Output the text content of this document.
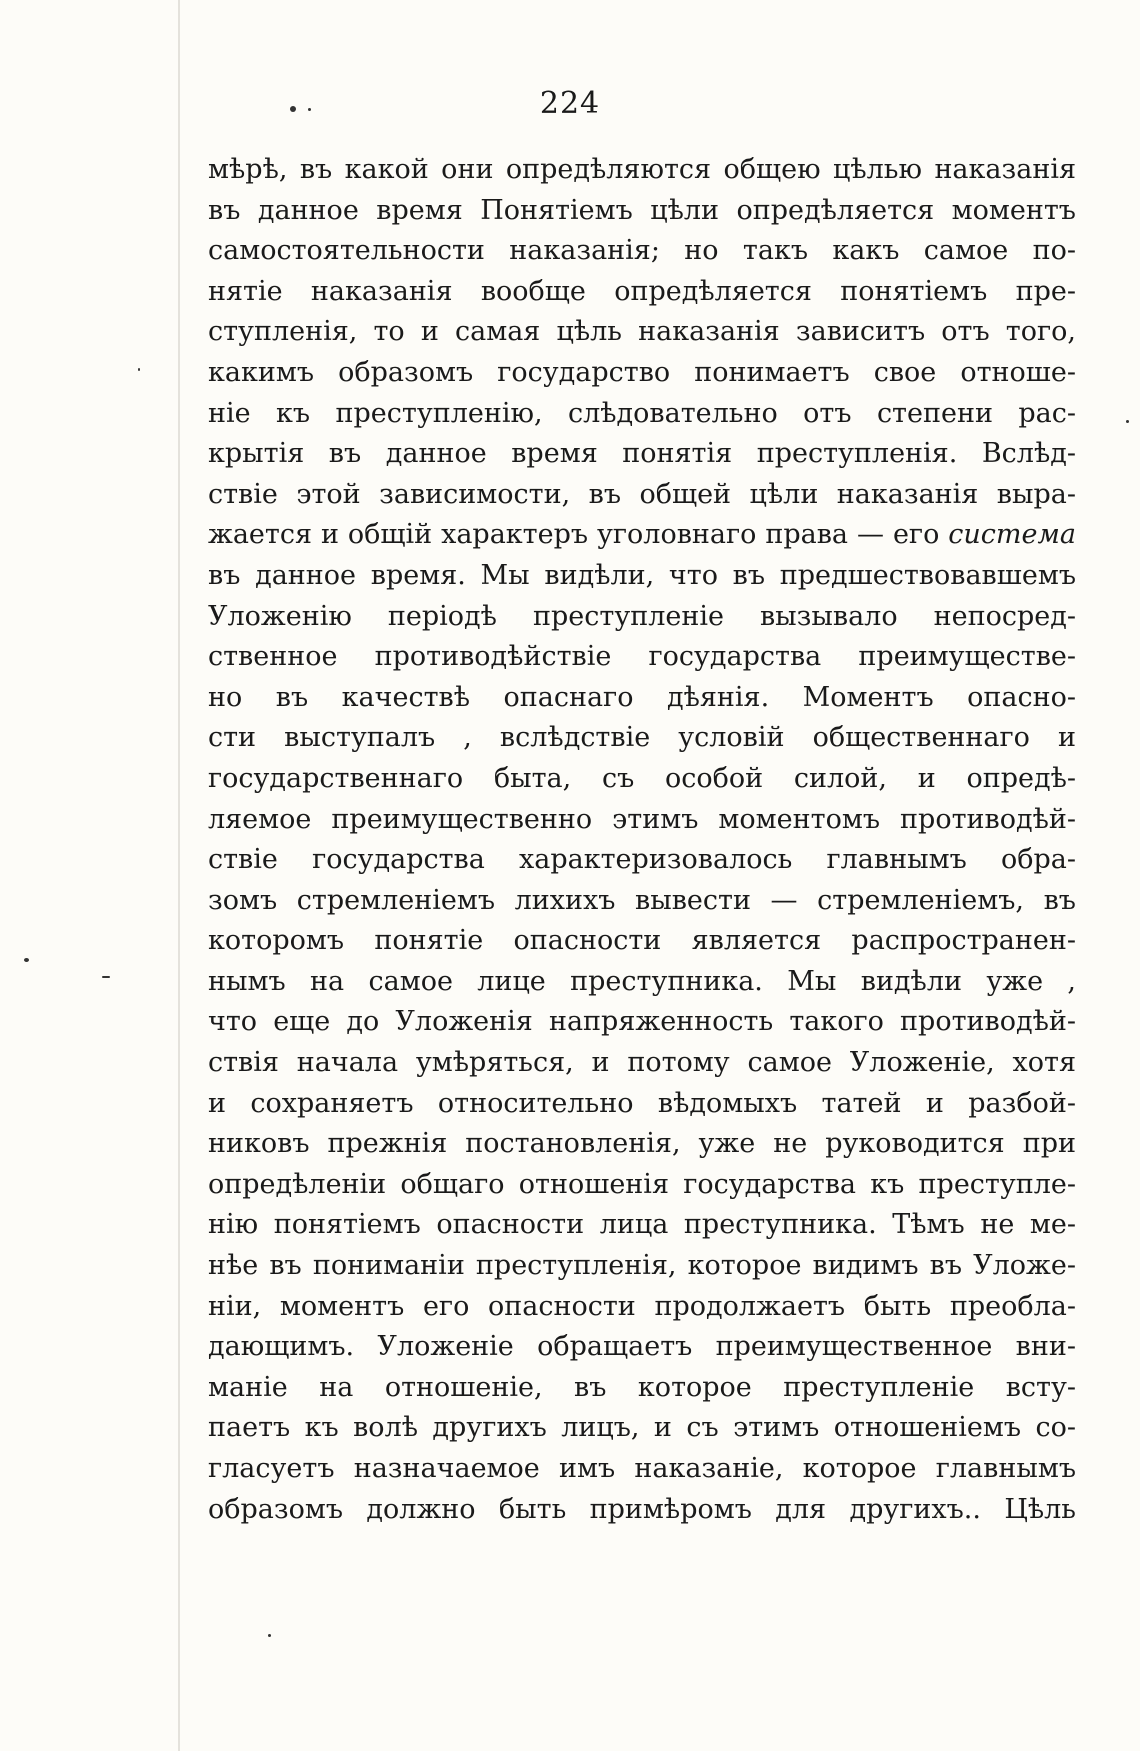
224
мѣрѣ, въ какой они опредѣляются общею цѣлью наказанія
въ данное время Понятіемъ цѣли опредѣляется моментъ
самостоятельности наказанія; но такъ какъ самое по-
нятіе наказанія вообще опредѣляется понятіемъ пре-
ступленія, то и самая цѣль наказанія зависитъ отъ того,
какимъ образомъ государство понимаетъ свое отноше-
ніе къ преступленію, слѣдовательно отъ степени рас-
крытія въ данное время понятія преступленія. Вслѣд-
ствіе этой зависимости, въ общей цѣли наказанія выра-
жается и общій характеръ уголовнаго права — его система
въ данное время. Мы видѣли, что въ предшествовавшемъ
Уложенію періодѣ преступленіе вызывало непосред-
ственное противодѣйствіе государства преимуществе-
но въ качествѣ опаснаго дѣянія. Моментъ опасно-
сти выступалъ , вслѣдствіе условій общественнаго и
государственнаго быта, съ особой силой, и опредѣ-
ляемое преимущественно этимъ моментомъ противодѣй-
ствіе государства характеризовалось главнымъ обра-
зомъ стремленіемъ лихихъ вывести — стремленіемъ, въ
которомъ понятіе опасности является распространен-
нымъ на самое лице преступника. Мы видѣли уже ,
что еще до Уложенія напряженность такого противодѣй-
ствія начала умѣряться, и потому самое Уложеніе, хотя
и сохраняетъ относительно вѣдомыхъ татей и разбой-
никовъ прежнія постановленія, уже не руководится при
опредѣленіи общаго отношенія государства къ преступле-
нію понятіемъ опасности лица преступника. Тѣмъ не ме-
нѣе въ пониманіи преступленія, которое видимъ въ Уложе-
ніи, моментъ его опасности продолжаетъ быть преобла-
дающимъ. Уложеніе обращаетъ преимущественное вни-
маніе на отношеніе, въ которое преступленіе всту-
паетъ къ волѣ другихъ лицъ, и съ этимъ отношеніемъ со-
гласуетъ назначаемое имъ наказаніе, которое главнымъ
образомъ должно быть примѣромъ для другихъ.. Цѣль
